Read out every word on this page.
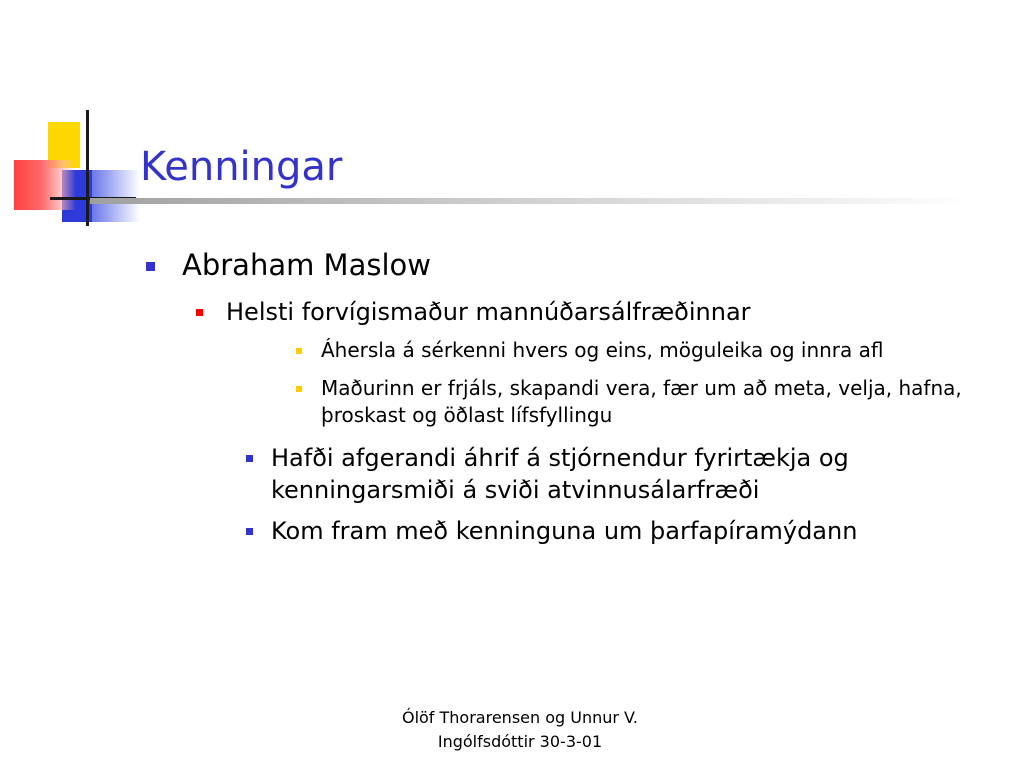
Kenningar
Abraham Maslow
Helsti forvígismaður mannúðarsálfræðinnar
Áhersla á sérkenni hvers og eins, möguleika og innra afl
Maðurinn er frjáls, skapandi vera, fær um að meta, velja, hafna, þroskast og öðlast lífsfyllingu
Hafði afgerandi áhrif á stjórnendur fyrirtækja og kenningarsmiði á sviði atvinnusálarfræði
Kom fram með kenninguna um þarfapíramýdann
Ólöf Thorarensen og Unnur V. Ingólfsdóttir 30-3-01
